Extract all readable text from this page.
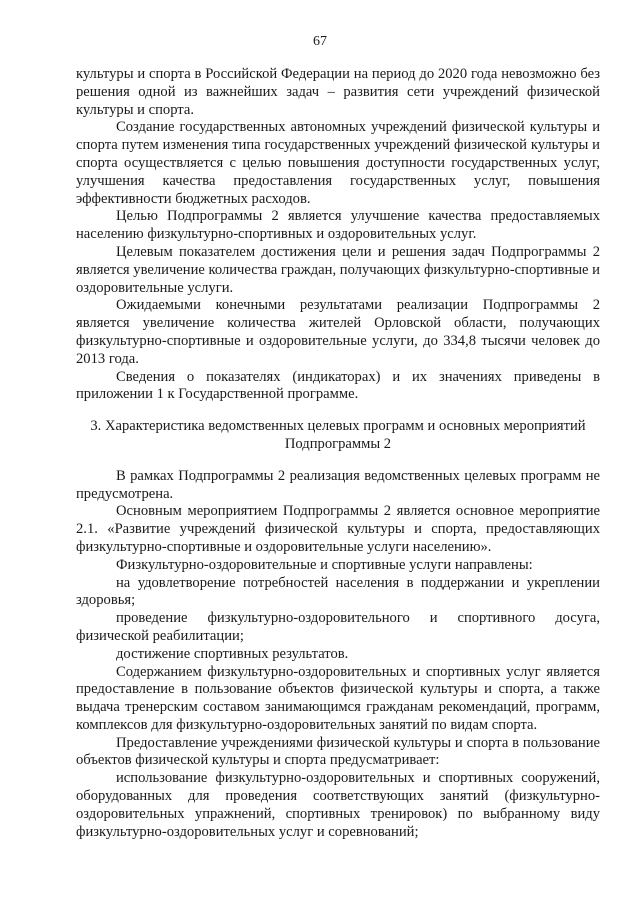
67

культуры и спорта в Российской Федерации на период до 2020 года невозможно без решения одной из важнейших задач – развития сети учреждений физической культуры и спорта.

Создание государственных автономных учреждений физической культуры и спорта путем изменения типа государственных учреждений физической культуры и спорта осуществляется с целью повышения доступности государственных услуг, улучшения качества предоставления государственных услуг, повышения эффективности бюджетных расходов.

Целью Подпрограммы 2 является улучшение качества предоставляемых населению физкультурно-спортивных и оздоровительных услуг.

Целевым показателем достижения цели и решения задач Подпрограммы 2 является увеличение количества граждан, получающих физкультурно-спортивные и оздоровительные услуги.

Ожидаемыми конечными результатами реализации Подпрограммы 2 является увеличение количества жителей Орловской области, получающих физкультурно-спортивные и оздоровительные услуги, до 334,8 тысячи человек до 2013 года.

Сведения о показателях (индикаторах) и их значениях приведены в приложении 1 к Государственной программе.

3. Характеристика ведомственных целевых программ и основных мероприятий
Подпрограммы 2

В рамках Подпрограммы 2 реализация ведомственных целевых программ не предусмотрена.

Основным мероприятием Подпрограммы 2 является основное мероприятие 2.1. «Развитие учреждений физической культуры и спорта, предоставляющих физкультурно-спортивные и оздоровительные услуги населению».

Физкультурно-оздоровительные и спортивные услуги направлены:

на удовлетворение потребностей населения в поддержании и укреплении здоровья;

проведение физкультурно-оздоровительного и спортивного досуга, физической реабилитации;

достижение спортивных результатов.

Содержанием физкультурно-оздоровительных и спортивных услуг является предоставление в пользование объектов физической культуры и спорта, а также выдача тренерским составом занимающимся гражданам рекомендаций, программ, комплексов для физкультурно-оздоровительных занятий по видам спорта.

Предоставление учреждениями физической культуры и спорта в пользование объектов физической культуры и спорта предусматривает:

использование физкультурно-оздоровительных и спортивных сооружений, оборудованных для проведения соответствующих занятий (физкультурно-оздоровительных упражнений, спортивных тренировок) по выбранному виду физкультурно-оздоровительных услуг и соревнований;
